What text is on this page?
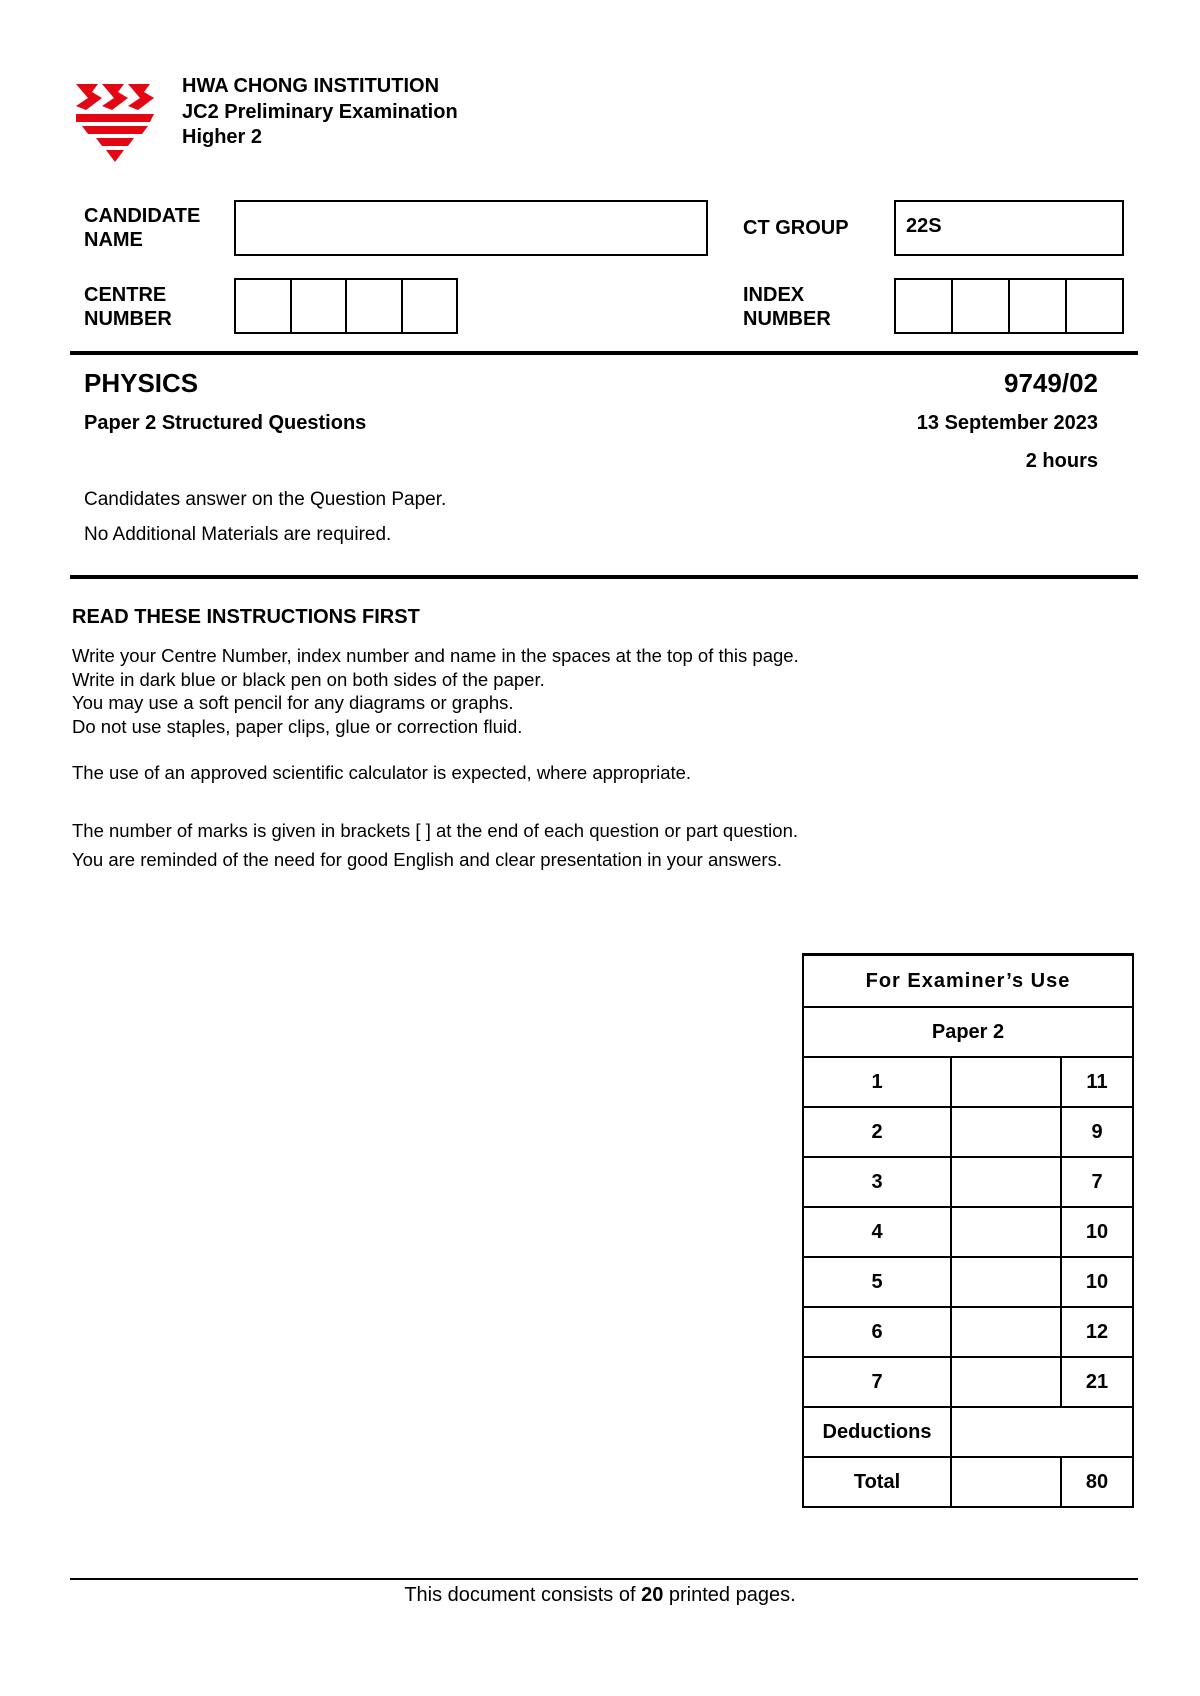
HWA CHONG INSTITUTION
JC2 Preliminary Examination
Higher 2
CANDIDATE
NAME
CT GROUP	22S
CENTRE
NUMBER
INDEX
NUMBER
PHYSICS	9749/02
Paper 2 Structured Questions	13 September 2023
2 hours
Candidates answer on the Question Paper.
No Additional Materials are required.
READ THESE INSTRUCTIONS FIRST
Write your Centre Number, index number and name in the spaces at the top of this page.
Write in dark blue or black pen on both sides of the paper.
You may use a soft pencil for any diagrams or graphs.
Do not use staples, paper clips, glue or correction fluid.
The use of an approved scientific calculator is expected, where appropriate.
The number of marks is given in brackets [ ] at the end of each question or part question.
You are reminded of the need for good English and clear presentation in your answers.
For Examiner’s Use		
Paper 2		
1		11
2		9
3		7
4		10
5		10
6		12
7		21
Deductions		
Total		80
This document consists of 20 printed pages.
